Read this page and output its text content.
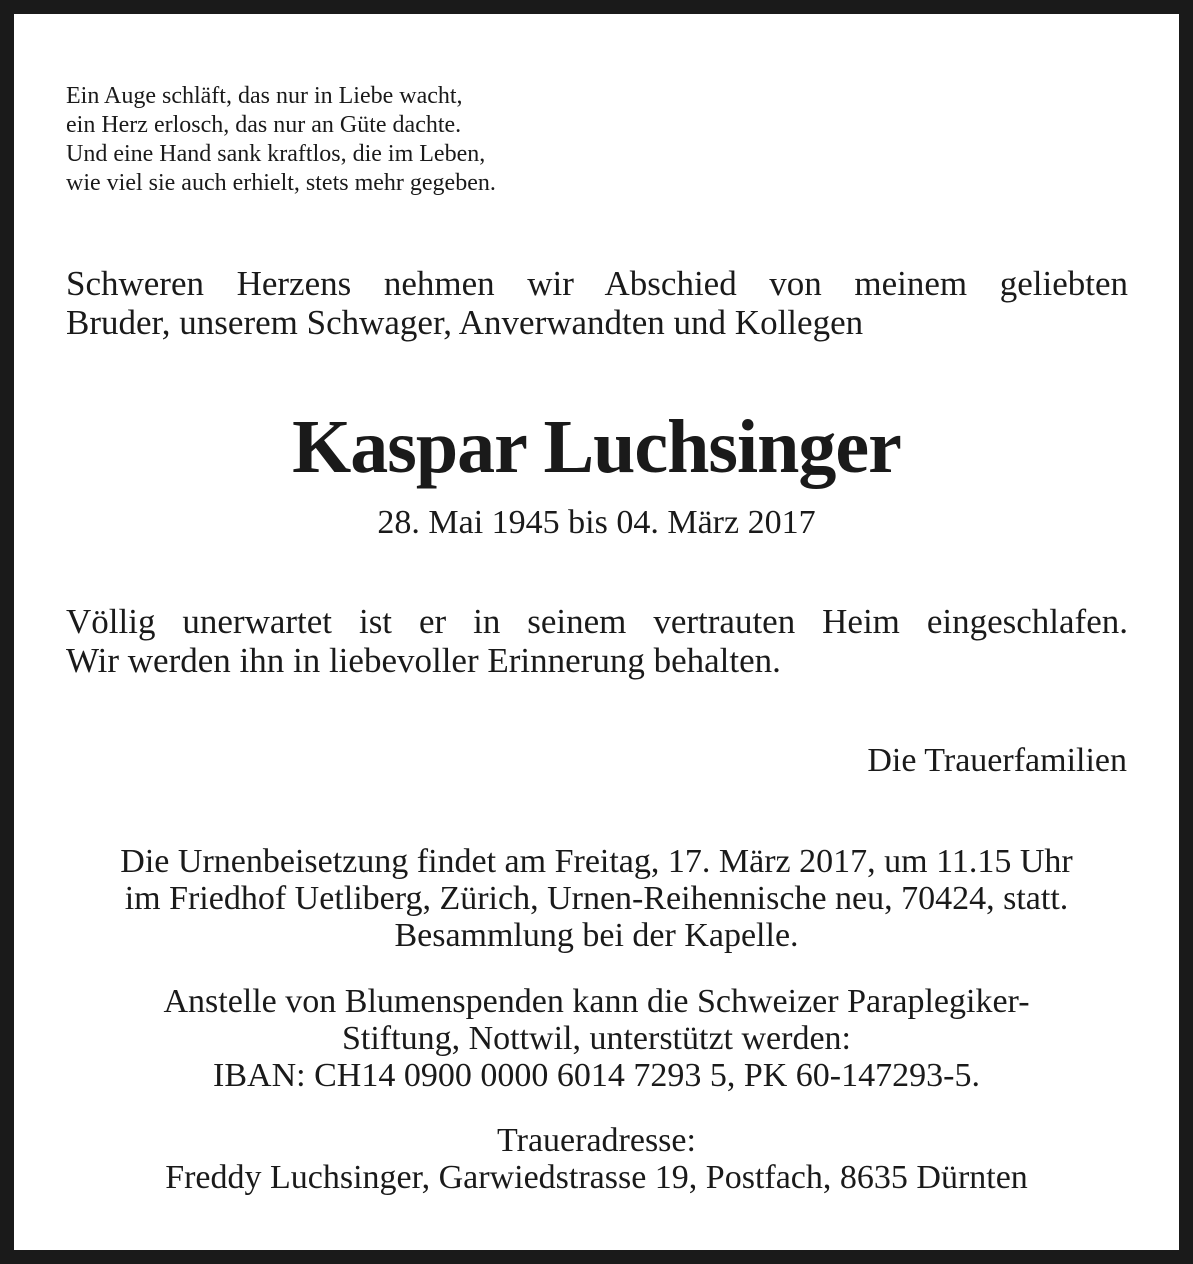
Ein Auge schläft, das nur in Liebe wacht,
ein Herz erlosch, das nur an Güte dachte.
Und eine Hand sank kraftlos, die im Leben,
wie viel sie auch erhielt, stets mehr gegeben.
Schweren Herzens nehmen wir Abschied von meinem geliebten
Bruder, unserem Schwager, Anverwandten und Kollegen
Kaspar Luchsinger
28. Mai 1945 bis 04. März 2017
Völlig unerwartet ist er in seinem vertrauten Heim eingeschlafen.
Wir werden ihn in liebevoller Erinnerung behalten.
Die Trauerfamilien
Die Urnenbeisetzung findet am Freitag, 17. März 2017, um 11.15 Uhr
im Friedhof Uetliberg, Zürich, Urnen-Reihennische neu, 70424, statt.
Besammlung bei der Kapelle.
Anstelle von Blumenspenden kann die Schweizer Paraplegiker-
Stiftung, Nottwil, unterstützt werden:
IBAN: CH14 0900 0000 6014 7293 5, PK 60-147293-5.
Traueradresse:
Freddy Luchsinger, Garwiedstrasse 19, Postfach, 8635 Dürnten
